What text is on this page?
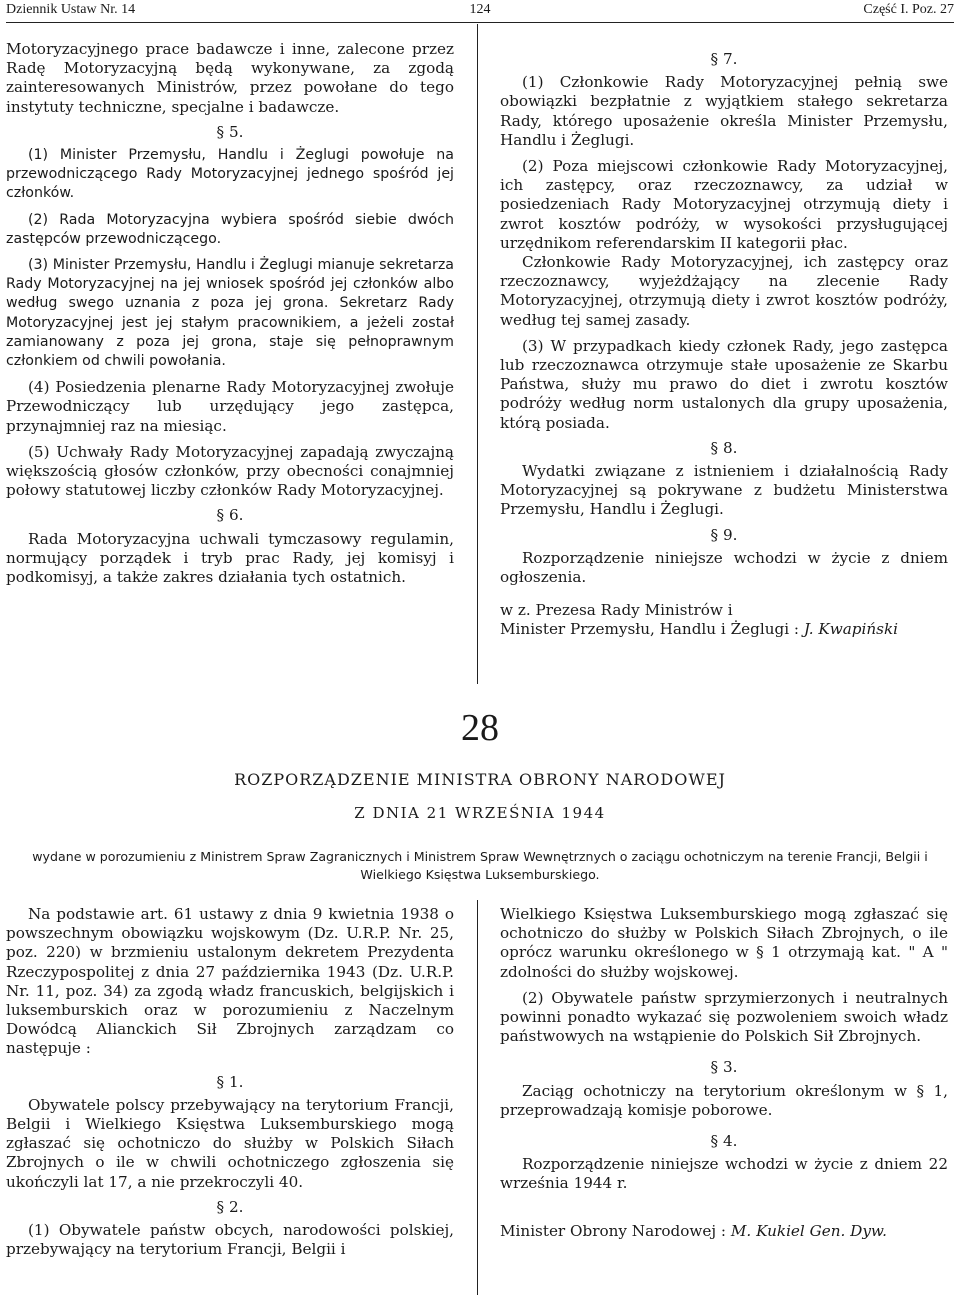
Dziennik Ustaw Nr. 14	124	Część I. Poz. 27

Motoryzacyjnego prace badawcze i inne, zalecone przez Radę Motoryzacyjną będą wykonywane, za zgodą zainteresowanych Ministrów, przez powołane do tego instytuty techniczne, specjalne i badawcze.

§ 5.

(1) Minister Przemysłu, Handlu i Żeglugi powołuje na przewodniczącego Rady Motoryzacyjnej jednego spośród jej członków.

(2) Rada Motoryzacyjna wybiera spośród siebie dwóch zastępców przewodniczącego.

(3) Minister Przemysłu, Handlu i Żeglugi mianuje sekretarza Rady Motoryzacyjnej na jej wniosek spośród jej członków albo według swego uznania z poza jej grona. Sekretarz Rady Motoryzacyjnej jest jej stałym pracownikiem, a jeżeli został zamianowany z poza jej grona, staje się pełnoprawnym członkiem od chwili powołania.

(4) Posiedzenia plenarne Rady Motoryzacyjnej zwołuje Przewodniczący lub urzędujący jego zastępca, przynajmniej raz na miesiąc.

(5) Uchwały Rady Motoryzacyjnej zapadają zwyczajną większością głosów członków, przy obecności conajmniej połowy statutowej liczby członków Rady Motoryzacyjnej.

§ 6.

Rada Motoryzacyjna uchwali tymczasowy regulamin, normujący porządek i tryb prac Rady, jej komisyj i podkomisyj, a także zakres działania tych ostatnich.

§ 7.

(1) Członkowie Rady Motoryzacyjnej pełnią swe obowiązki bezpłatnie z wyjątkiem stałego sekretarza Rady, którego uposażenie określa Minister Przemysłu, Handlu i Żeglugi.

(2) Poza miejscowi członkowie Rady Motoryzacyjnej, ich zastępcy, oraz rzeczoznawcy, za udział w posiedzeniach Rady Motoryzacyjnej otrzymują diety i zwrot kosztów podróży, w wysokości przysługującej urzędnikom referendarskim II kategorii płac.

Członkowie Rady Motoryzacyjnej, ich zastępcy oraz rzeczoznawcy, wyjeżdżający na zlecenie Rady Motoryzacyjnej, otrzymują diety i zwrot kosztów podróży, według tej samej zasady.

(3) W przypadkach kiedy członek Rady, jego zastępca lub rzeczoznawca otrzymuje stałe uposażenie ze Skarbu Państwa, służy mu prawo do diet i zwrotu kosztów podróży według norm ustalonych dla grupy uposażenia, którą posiada.

§ 8.

Wydatki związane z istnieniem i działalnością Rady Motoryzacyjnej są pokrywane z budżetu Ministerstwa Przemysłu, Handlu i Żeglugi.

§ 9.

Rozporządzenie niniejsze wchodzi w życie z dniem ogłoszenia.

w z. Prezesa Rady Ministrów i

Minister Przemysłu, Handlu i Żeglugi : J. Kwapiński

28
ROZPORZĄDZENIE MINISTRA OBRONY NARODOWEJ
Z DNIA 21 WRZEŚNIA 1944
wydane w porozumieniu z Ministrem Spraw Zagranicznych i Ministrem Spraw Wewnętrznych o zaciągu ochotniczym na terenie Francji, Belgii i Wielkiego Księstwa Luksemburskiego.

Na podstawie art. 61 ustawy z dnia 9 kwietnia 1938 o powszechnym obowiązku wojskowym (Dz. U.R.P. Nr. 25, poz. 220) w brzmieniu ustalonym dekretem Prezydenta Rzeczypospolitej z dnia 27 października 1943 (Dz. U.R.P. Nr. 11, poz. 34) za zgodą władz francuskich, belgijskich i luksemburskich oraz w porozumieniu z Naczelnym Dowódcą Alianckich Sił Zbrojnych zarządzam co następuje :

§ 1.

Obywatele polscy przebywający na terytorium Francji, Belgii i Wielkiego Księstwa Luksemburskiego mogą zgłaszać się ochotniczo do służby w Polskich Siłach Zbrojnych o ile w chwili ochotniczego zgłoszenia się ukończyli lat 17, a nie przekroczyli 40.

§ 2.

(1) Obywatele państw obcych, narodowości polskiej, przebywający na terytorium Francji, Belgii i

Wielkiego Księstwa Luksemburskiego mogą zgłaszać się ochotniczo do służby w Polskich Siłach Zbrojnych, o ile oprócz warunku określonego w § 1 otrzymają kat. " A " zdolności do służby wojskowej.

(2) Obywatele państw sprzymierzonych i neutralnych powinni ponadto wykazać się pozwoleniem swoich władz państwowych na wstąpienie do Polskich Sił Zbrojnych.

§ 3.

Zaciąg ochotniczy na terytorium określonym w § 1, przeprowadzają komisje poborowe.

§ 4.

Rozporządzenie niniejsze wchodzi w życie z dniem 22 września 1944 r.

Minister Obrony Narodowej : M. Kukiel Gen. Dyw.
